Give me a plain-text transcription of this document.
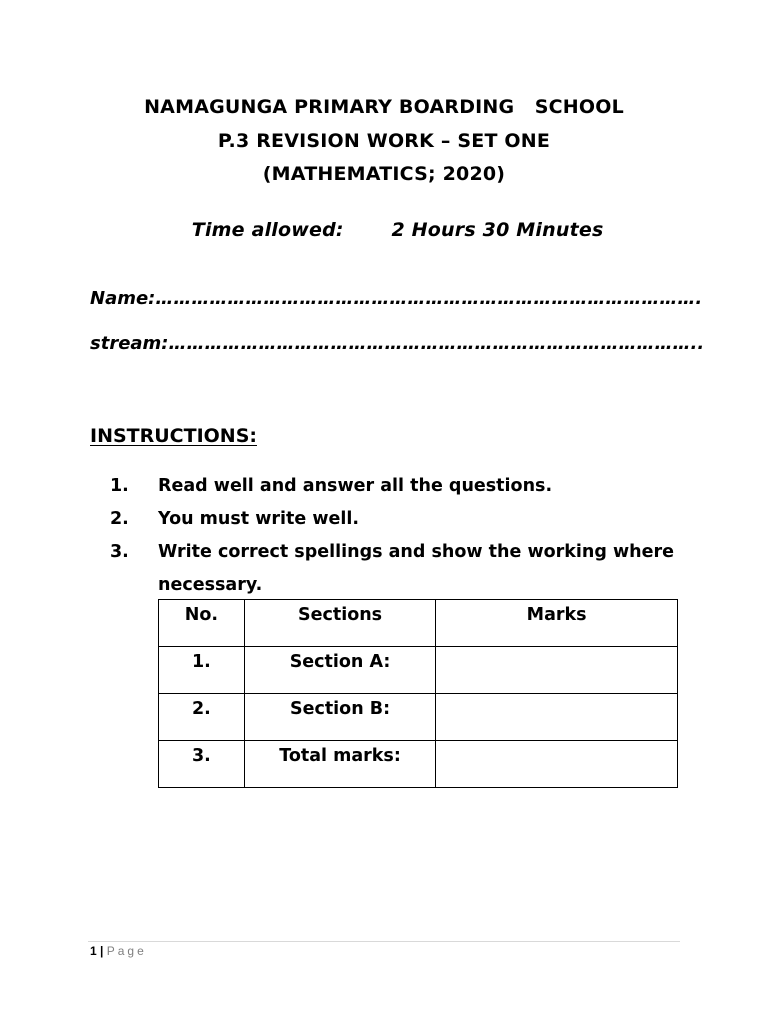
NAMAGUNGA PRIMARY BOARDING   SCHOOL
P.3 REVISION WORK – SET ONE
(MATHEMATICS; 2020)

Time allowed:	2 Hours 30 Minutes

Name:……………………………………………………………………………….
stream:……………………………………………………………………………..
INSTRUCTIONS:
1. Read well and answer all the questions.
2. You must write well.
3. Write correct spellings and show the working where necessary.
No.	Sections	Marks
1.	Section A:	
2.	Section B:	
3.	Total marks:	
1 | Page
